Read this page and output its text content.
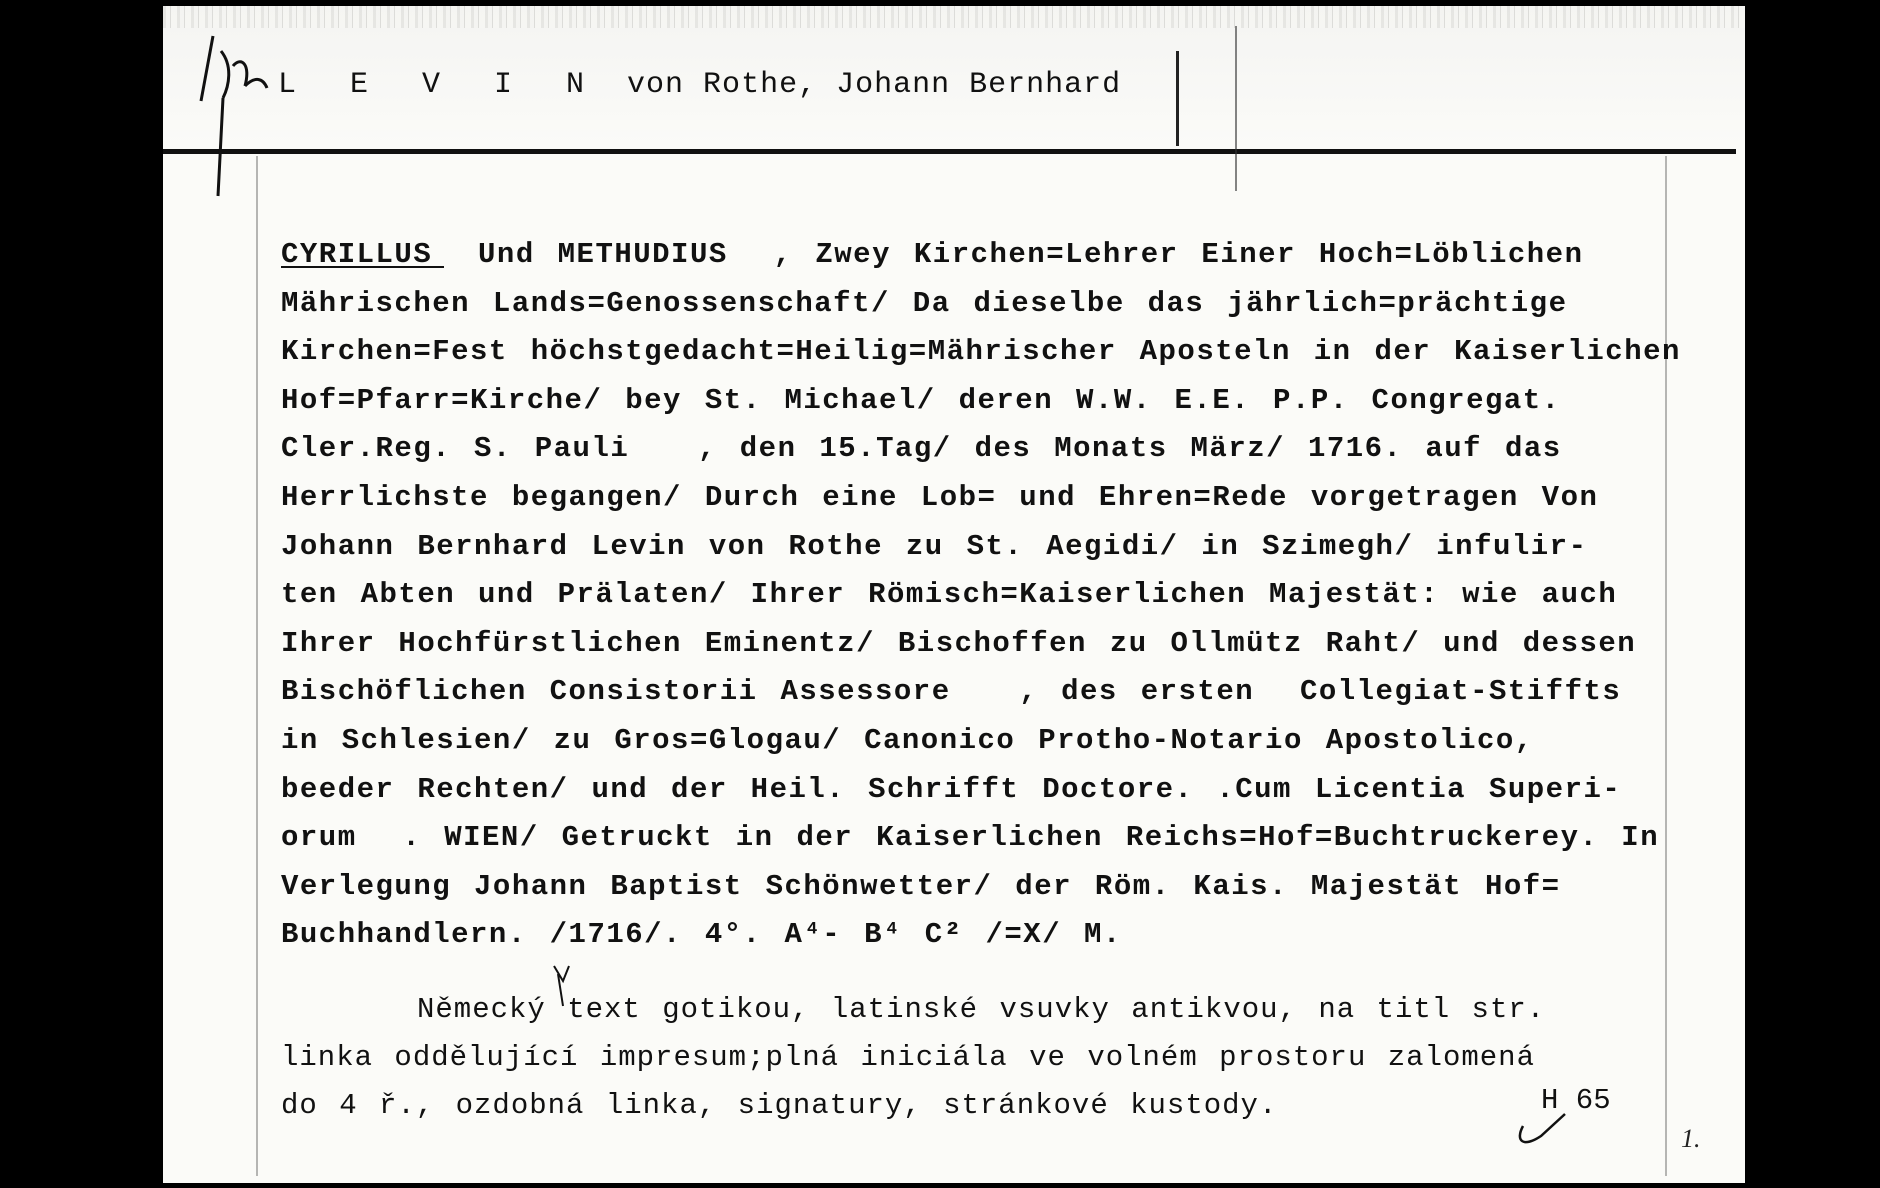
L E V I N von Rothe, Johann Bernhard
CYRILLUS  Und METHUDIUS  , Zwey Kirchen=Lehrer Einer Hoch=Löblichen
Mährischen Lands=Genossenschaft/ Da dieselbe das jährlich=prächtige
Kirchen=Fest höchstgedacht=Heilig=Mährischer Aposteln in der Kaiserlichen
Hof=Pfarr=Kirche/ bey St. Michael/ deren W.W. E.E. P.P. Congregat.
Cler.Reg. S. Pauli   , den 15.Tag/ des Monats März/ 1716. auf das
Herrlichste begangen/ Durch eine Lob= und Ehren=Rede vorgetragen Von
Johann Bernhard Levin von Rothe zu St. Aegidi/ in Szimegh/ infulir-
ten Abten und Prälaten/ Ihrer Römisch=Kaiserlichen Majestät: wie auch
Ihrer Hochfürstlichen Eminentz/ Bischoffen zu Ollmütz Raht/ und dessen
Bischöflichen Consistorii Assessore   , des ersten  Collegiat-Stiffts
in Schlesien/ zu Gros=Glogau/ Canonico Protho-Notario Apostolico,
beeder Rechten/ und der Heil. Schrifft Doctore. .Cum Licentia Superi-
orum  . WIEN/ Getruckt in der Kaiserlichen Reichs=Hof=Buchtruckerey. In
Verlegung Johann Baptist Schönwetter/ der Röm. Kais. Majestät Hof=
Buchhandlern. /1716/. 4°. A⁴- B⁴ C² /=X/ M.
Německý text gotikou, latinské vsuvky antikvou, na titl str.
linka oddělující impresum;plná iniciála ve volném prostoru zalomená
do 4 ř., ozdobná linka, signatury, stránkové kustody.	H 65
1.
